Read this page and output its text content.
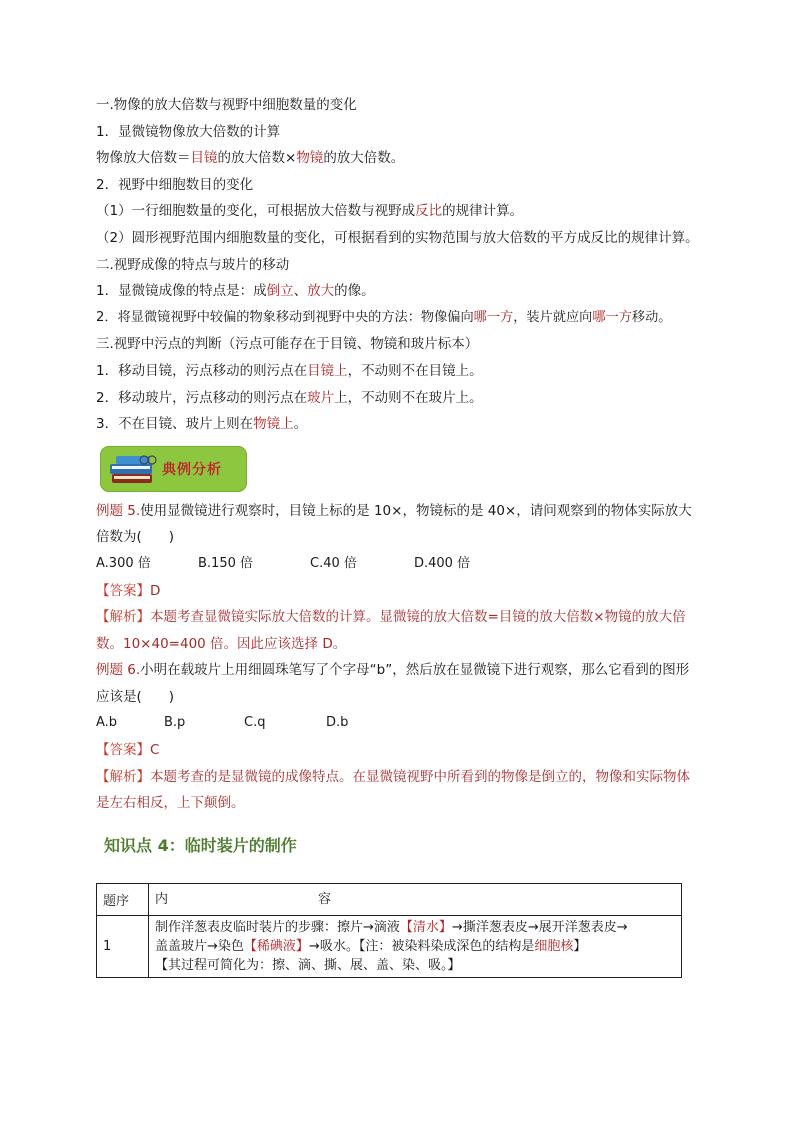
一.物像的放大倍数与视野中细胞数量的变化

1．显微镜物像放大倍数的计算

物像放大倍数＝目镜的放大倍数×物镜的放大倍数。

2．视野中细胞数目的变化

（1）一行细胞数量的变化，可根据放大倍数与视野成反比的规律计算。

（2）圆形视野范围内细胞数量的变化，可根据看到的实物范围与放大倍数的平方成反比的规律计算。

二.视野成像的特点与玻片的移动

1．显微镜成像的特点是：成倒立、放大的像。

2．将显微镜视野中较偏的物象移动到视野中央的方法：物像偏向哪一方，装片就应向哪一方移动。

三.视野中污点的判断（污点可能存在于目镜、物镜和玻片标本）

1．移动目镜，污点移动的则污点在目镜上，不动则不在目镜上。

2．移动玻片，污点移动的则污点在玻片上，不动则不在玻片上。

3．不在目镜、玻片上则在物镜上。

典例分析

例题 5.使用显微镜进行观察时，目镜上标的是 10×，物镜标的是 40×，请问观察到的物体实际放大倍数为(　　)

A.300 倍	B.150 倍	C.40 倍	D.400 倍

【答案】D

【解析】本题考查显微镜实际放大倍数的计算。显微镜的放大倍数=目镜的放大倍数×物镜的放大倍数。10×40=400 倍。因此应该选择 D。

例题 6.小明在载玻片上用细圆珠笔写了个字母“b”，然后放在显微镜下进行观察，那么它看到的图形应该是(　　)

A.b	B.p	C.q	D.b

【答案】C

【解析】本题考查的是显微镜的成像特点。在显微镜视野中所看到的物像是倒立的，物像和实际物体是左右相反，上下颠倒。

知识点 4：临时装片的制作
题序	内 容
1	制作洋葱表皮临时装片的步骤：擦片→滴液【清水】→撕洋葱表皮→展开洋葱表皮→
盖盖玻片→染色【稀碘液】→吸水。【注：被染料染成深色的结构是细胞核】
【其过程可简化为：擦、滴、撕、展、盖、染、吸。】
